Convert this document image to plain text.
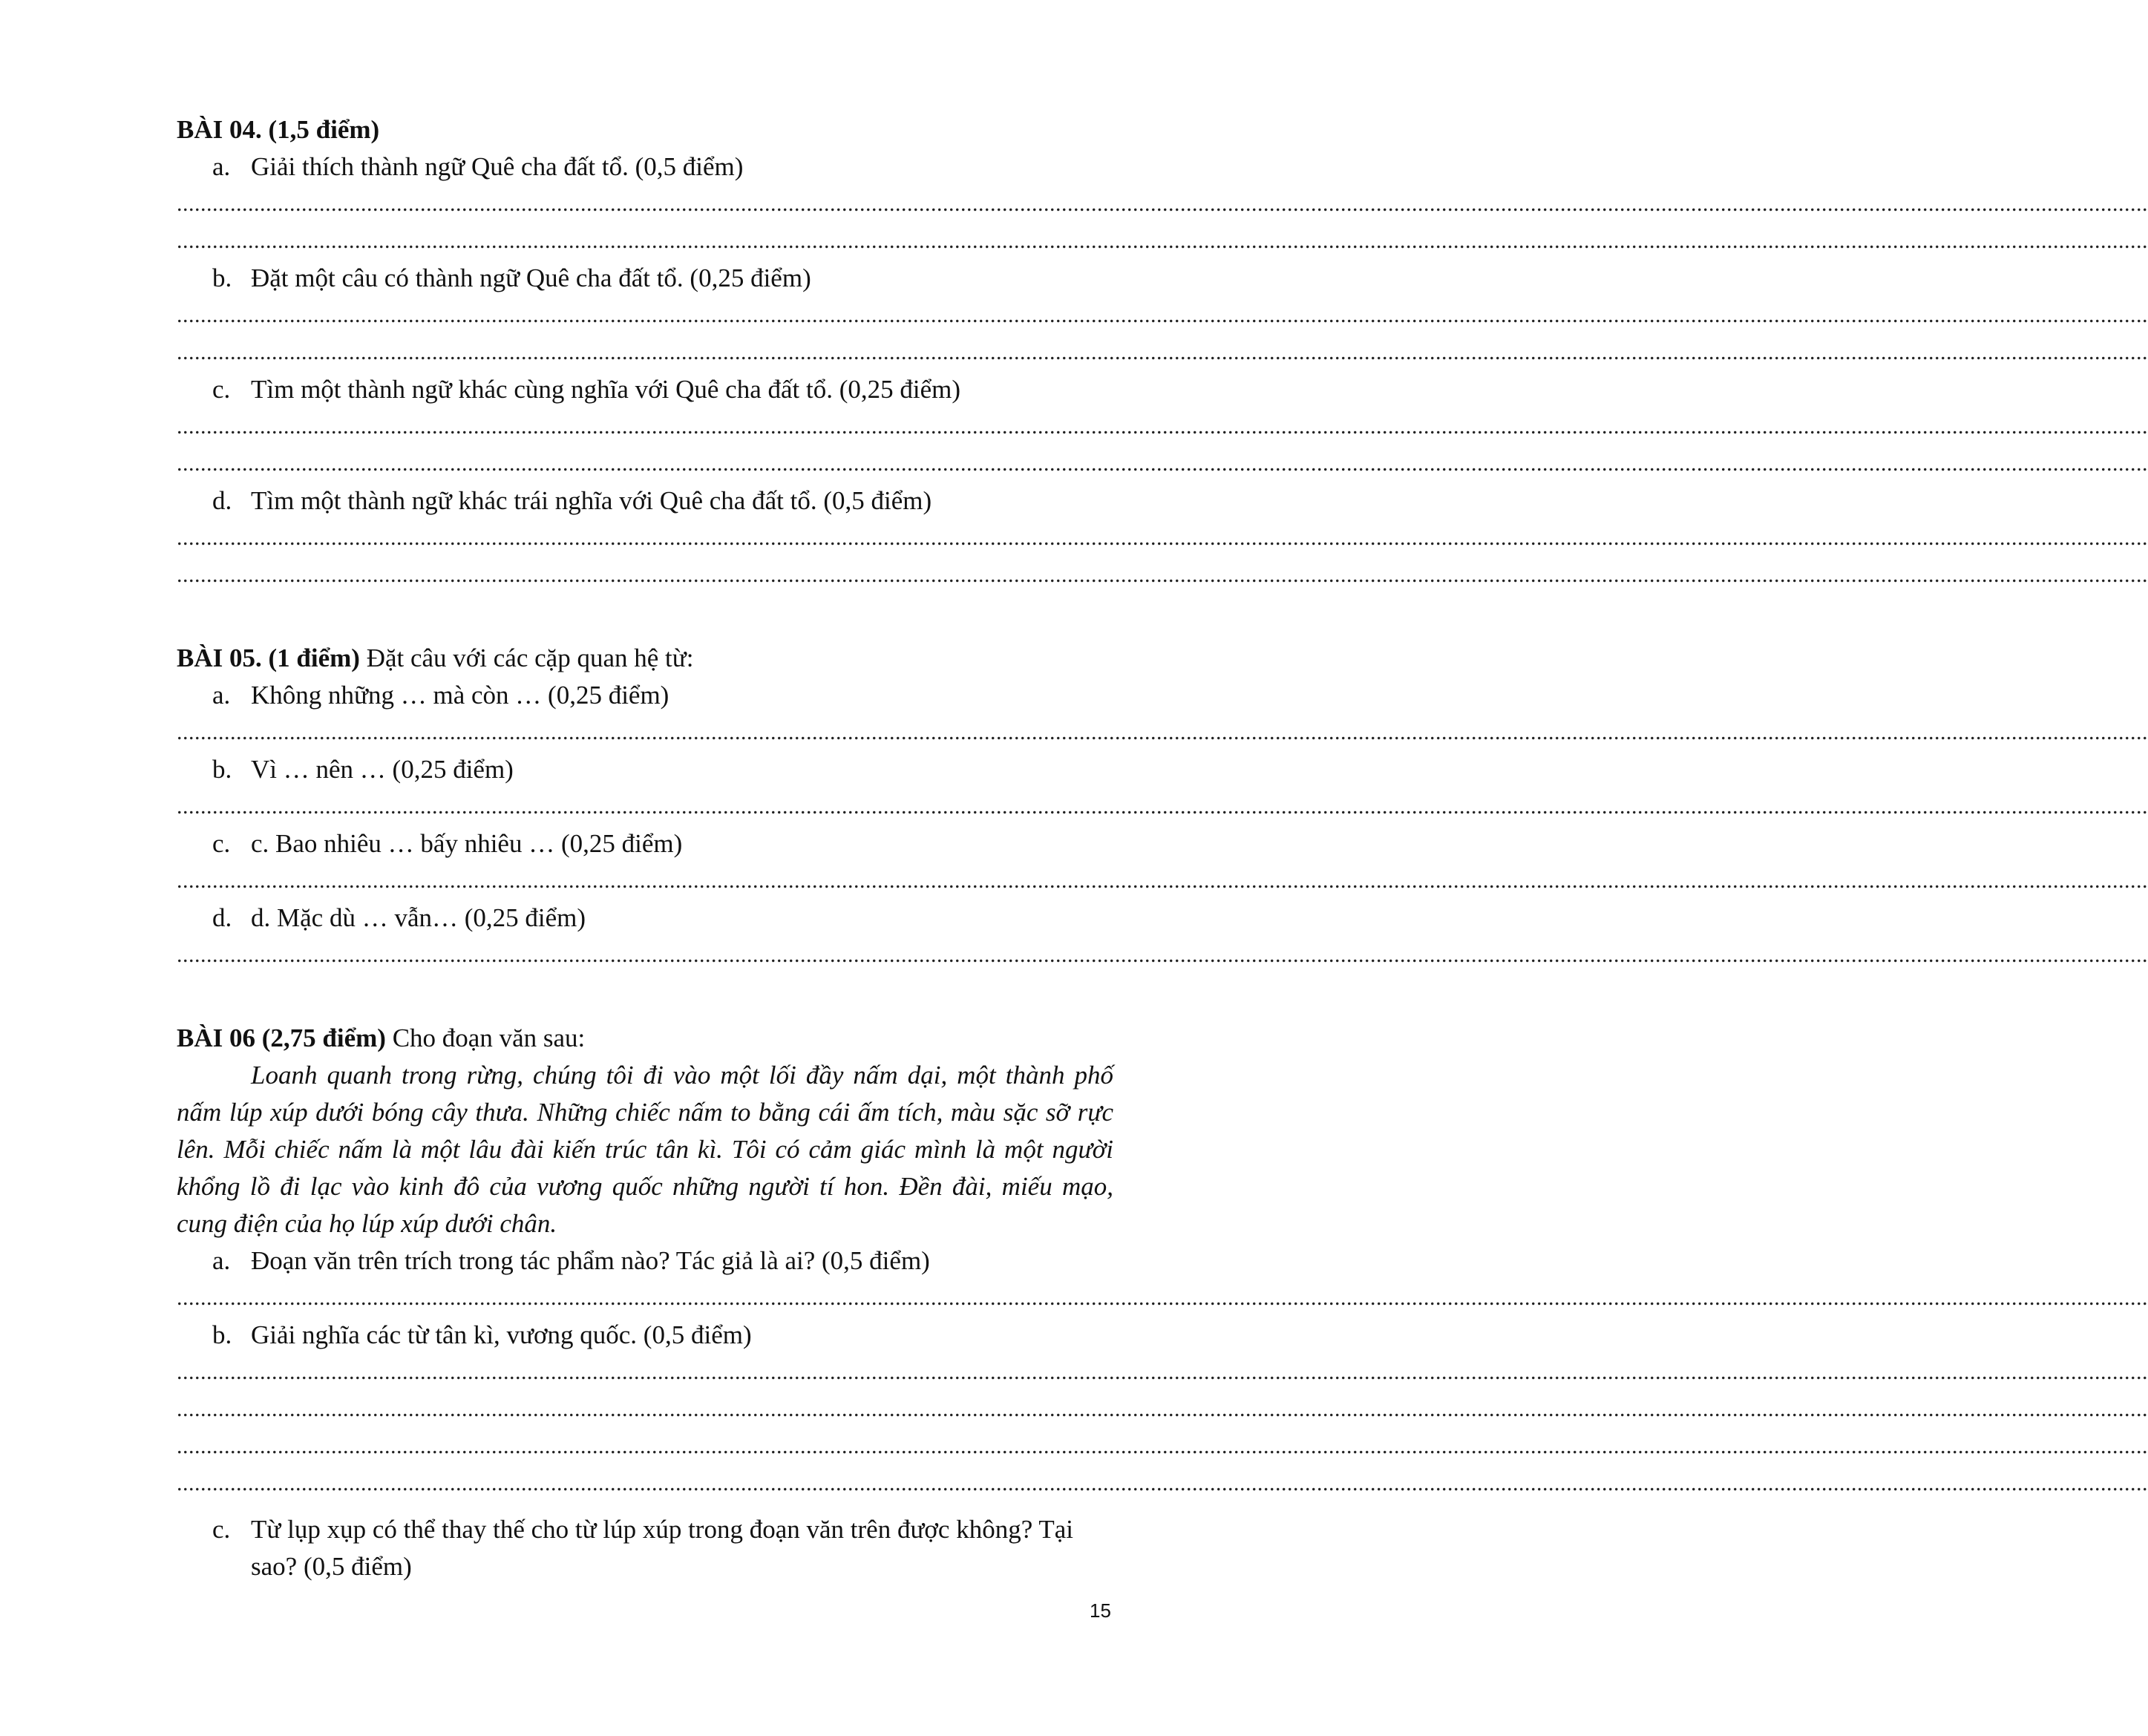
BÀI 04. (1,5 điểm)

a. Giải thích thành ngữ Quê cha đất tổ. (0,5 điểm)
............................................................................................................................................................................................................................................................................................................................................
............................................................................................................................................................................................................................................................................................................................................
b. Đặt một câu có thành ngữ Quê cha đất tổ. (0,25 điểm)
............................................................................................................................................................................................................................................................................................................................................
............................................................................................................................................................................................................................................................................................................................................
c. Tìm một thành ngữ khác cùng nghĩa với Quê cha đất tổ. (0,25 điểm)
............................................................................................................................................................................................................................................................................................................................................
............................................................................................................................................................................................................................................................................................................................................
d. Tìm một thành ngữ khác trái nghĩa với Quê cha đất tổ. (0,5 điểm)
............................................................................................................................................................................................................................................................................................................................................
............................................................................................................................................................................................................................................................................................................................................

BÀI 05. (1 điểm) Đặt câu với các cặp quan hệ từ:

a. Không những … mà còn … (0,25 điểm)
............................................................................................................................................................................................................................................................................................................................................
b. Vì … nên … (0,25 điểm)
............................................................................................................................................................................................................................................................................................................................................
c. c. Bao nhiêu … bấy nhiêu … (0,25 điểm)
............................................................................................................................................................................................................................................................................................................................................
d. d. Mặc dù … vẫn… (0,25 điểm)
............................................................................................................................................................................................................................................................................................................................................

BÀI 06 (2,75 điểm) Cho đoạn văn sau:

Loanh quanh trong rừng, chúng tôi đi vào một lối đầy nấm dại, một thành phố nấm lúp xúp dưới bóng cây thưa. Những chiếc nấm to bằng cái ấm tích, màu sặc sỡ rực lên. Mỗi chiếc nấm là một lâu đài kiến trúc tân kì. Tôi có cảm giác mình là một người khổng lồ đi lạc vào kinh đô của vương quốc những người tí hon. Đền đài, miếu mạo, cung điện của họ lúp xúp dưới chân.

a. Đoạn văn trên trích trong tác phẩm nào? Tác giả là ai? (0,5 điểm)
............................................................................................................................................................................................................................................................................................................................................
b. Giải nghĩa các từ tân kì, vương quốc. (0,5 điểm)
............................................................................................................................................................................................................................................................................................................................................
............................................................................................................................................................................................................................................................................................................................................
............................................................................................................................................................................................................................................................................................................................................
............................................................................................................................................................................................................................................................................................................................................
c. Từ lụp xụp có thể thay thế cho từ lúp xúp trong đoạn văn trên được không? Tại sao? (0,5 điểm)
15
